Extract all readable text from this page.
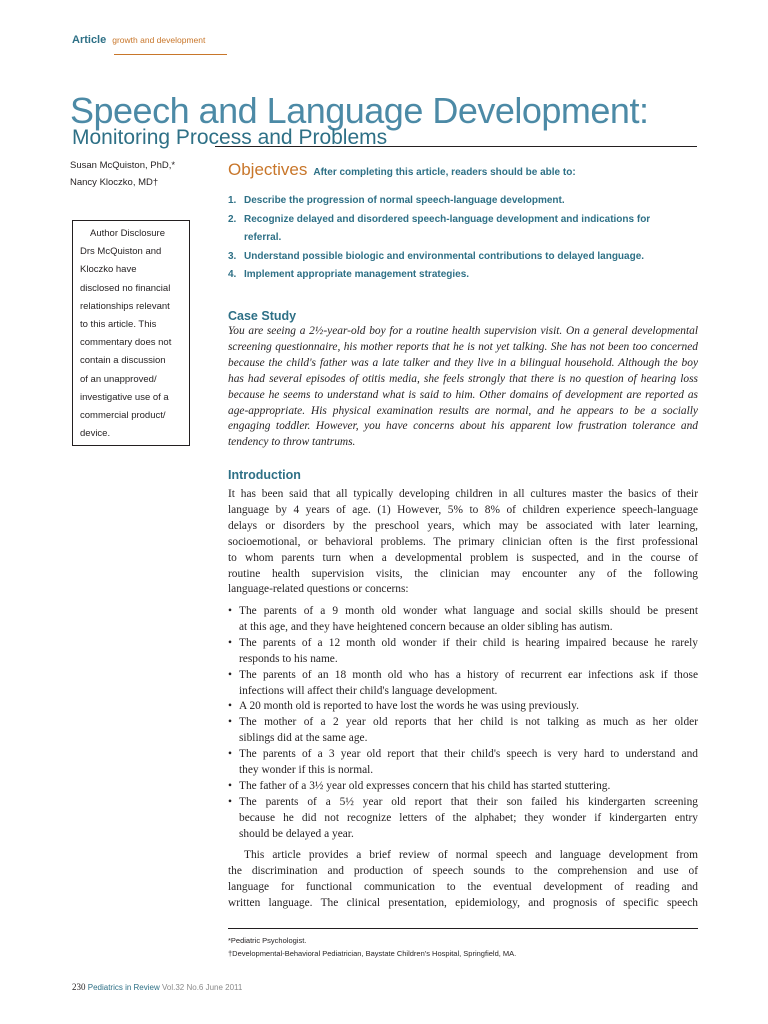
Article growth and development
Speech and Language Development:
Monitoring Process and Problems
Susan McQuiston, PhD,*
Nancy Kloczko, MD†
Author Disclosure
Drs McQuiston and
Kloczko have
disclosed no financial
relationships relevant
to this article. This
commentary does not
contain a discussion
of an unapproved/
investigative use of a
commercial product/
device.
Objectives After completing this article, readers should be able to:
1. Describe the progression of normal speech-language development.
2. Recognize delayed and disordered speech-language development and indications for referral.
3. Understand possible biologic and environmental contributions to delayed language.
4. Implement appropriate management strategies.
Case Study
You are seeing a 2½-year-old boy for a routine health supervision visit. On a general developmental screening questionnaire, his mother reports that he is not yet talking. She has not been too concerned because the child's father was a late talker and they live in a bilingual household. Although the boy has had several episodes of otitis media, she feels strongly that there is no question of hearing loss because he seems to understand what is said to him. Other domains of development are reported as age-appropriate. His physical examination results are normal, and he appears to be a socially engaging toddler. However, you have concerns about his apparent low frustration tolerance and tendency to throw tantrums.
Introduction
It has been said that all typically developing children in all cultures master the basics of their
language by 4 years of age. (1) However, 5% to 8% of children experience speech-language
delays or disorders by the preschool years, which may be associated with later learning,
socioemotional, or behavioral problems. The primary clinician often is the first professional
to whom parents turn when a developmental problem is suspected, and in the course of
routine health supervision visits, the clinician may encounter any of the following
language-related questions or concerns:
• The parents of a 9 month old wonder what language and social skills should be present
at this age, and they have heightened concern because an older sibling has autism.
• The parents of a 12 month old wonder if their child is hearing impaired because he rarely
responds to his name.
• The parents of an 18 month old who has a history of recurrent ear infections ask if those
infections will affect their child's language development.
• A 20 month old is reported to have lost the words he was using previously.
• The mother of a 2 year old reports that her child is not talking as much as her older
siblings did at the same age.
• The parents of a 3 year old report that their child's speech is very hard to understand and
they wonder if this is normal.
• The father of a 3½ year old expresses concern that his child has started stuttering.
• The parents of a 5½ year old report that their son failed his kindergarten screening
because he did not recognize letters of the alphabet; they wonder if kindergarten entry
should be delayed a year.
This article provides a brief review of normal speech and language development from
the discrimination and production of speech sounds to the comprehension and use of
language for functional communication to the eventual development of reading and
written language. The clinical presentation, epidemiology, and prognosis of specific speech
*Pediatric Psychologist.
†Developmental-Behavioral Pediatrician, Baystate Children's Hospital, Springfield, MA.
230 Pediatrics in Review Vol.32 No.6 June 2011
